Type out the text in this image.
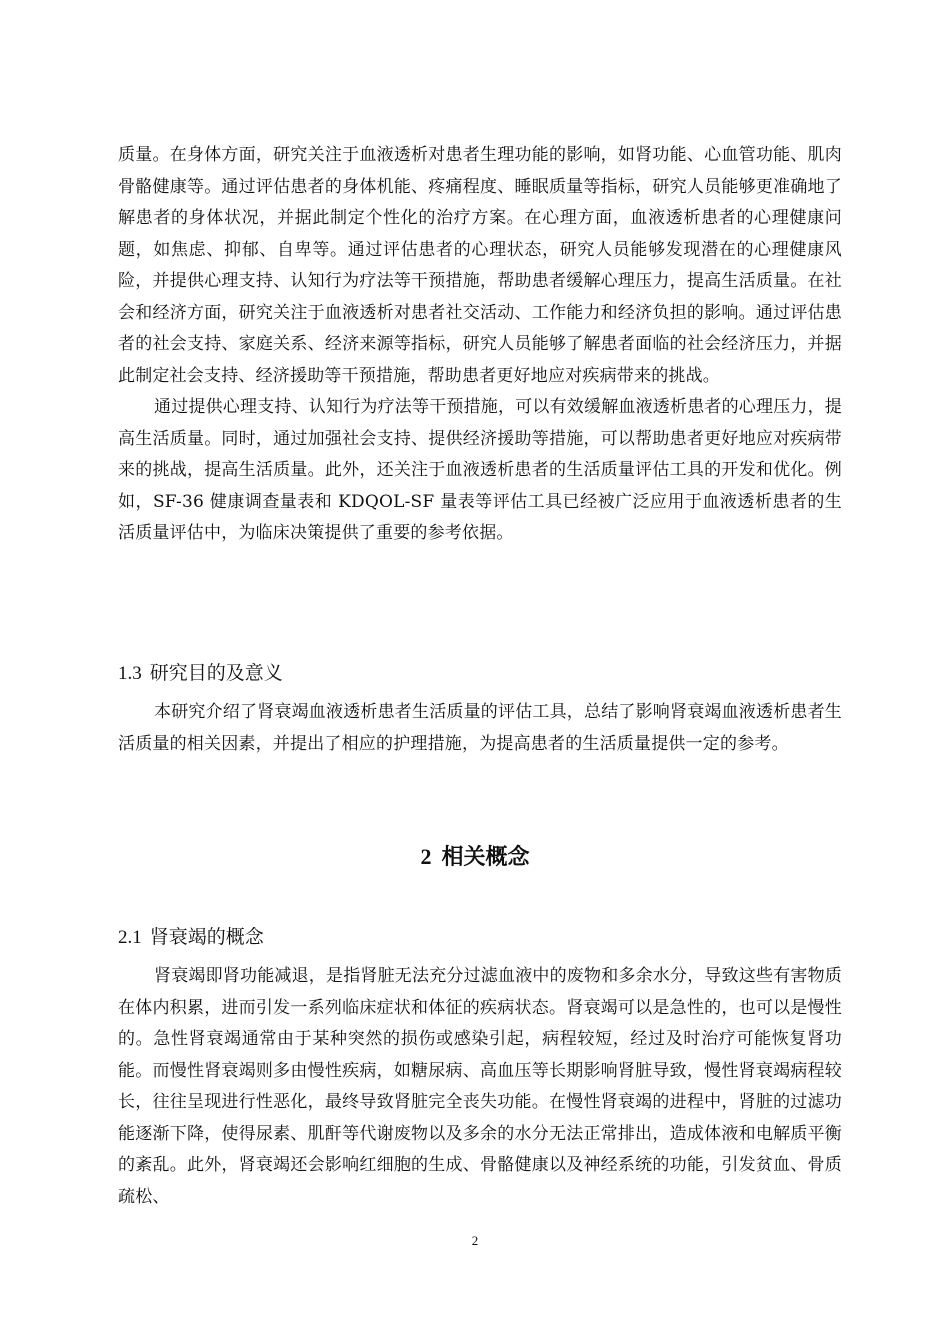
质量。在身体方面，研究关注于血液透析对患者生理功能的影响，如肾功能、心血管功能、肌肉骨骼健康等。通过评估患者的身体机能、疼痛程度、睡眠质量等指标，研究人员能够更准确地了解患者的身体状况，并据此制定个性化的治疗方案。在心理方面，血液透析患者的心理健康问题，如焦虑、抑郁、自卑等。通过评估患者的心理状态，研究人员能够发现潜在的心理健康风险，并提供心理支持、认知行为疗法等干预措施，帮助患者缓解心理压力，提高生活质量。在社会和经济方面，研究关注于血液透析对患者社交活动、工作能力和经济负担的影响。通过评估患者的社会支持、家庭关系、经济来源等指标，研究人员能够了解患者面临的社会经济压力，并据此制定社会支持、经济援助等干预措施，帮助患者更好地应对疾病带来的挑战。

通过提供心理支持、认知行为疗法等干预措施，可以有效缓解血液透析患者的心理压力，提高生活质量。同时，通过加强社会支持、提供经济援助等措施，可以帮助患者更好地应对疾病带来的挑战，提高生活质量。此外，还关注于血液透析患者的生活质量评估工具的开发和优化。例如，SF-36 健康调查量表和 KDQOL-SF 量表等评估工具已经被广泛应用于血液透析患者的生活质量评估中，为临床决策提供了重要的参考依据。

1.3 研究目的及意义

本研究介绍了肾衰竭血液透析患者生活质量的评估工具，总结了影响肾衰竭血液透析患者生活质量的相关因素，并提出了相应的护理措施，为提高患者的生活质量提供一定的参考。

2 相关概念
2.1 肾衰竭的概念

肾衰竭即肾功能减退，是指肾脏无法充分过滤血液中的废物和多余水分，导致这些有害物质在体内积累，进而引发一系列临床症状和体征的疾病状态。肾衰竭可以是急性的，也可以是慢性的。急性肾衰竭通常由于某种突然的损伤或感染引起，病程较短，经过及时治疗可能恢复肾功能。而慢性肾衰竭则多由慢性疾病，如糖尿病、高血压等长期影响肾脏导致，慢性肾衰竭病程较长，往往呈现进行性恶化，最终导致肾脏完全丧失功能。在慢性肾衰竭的进程中，肾脏的过滤功能逐渐下降，使得尿素、肌酐等代谢废物以及多余的水分无法正常排出，造成体液和电解质平衡的紊乱。此外，肾衰竭还会影响红细胞的生成、骨骼健康以及神经系统的功能，引发贫血、骨质疏松、

2
